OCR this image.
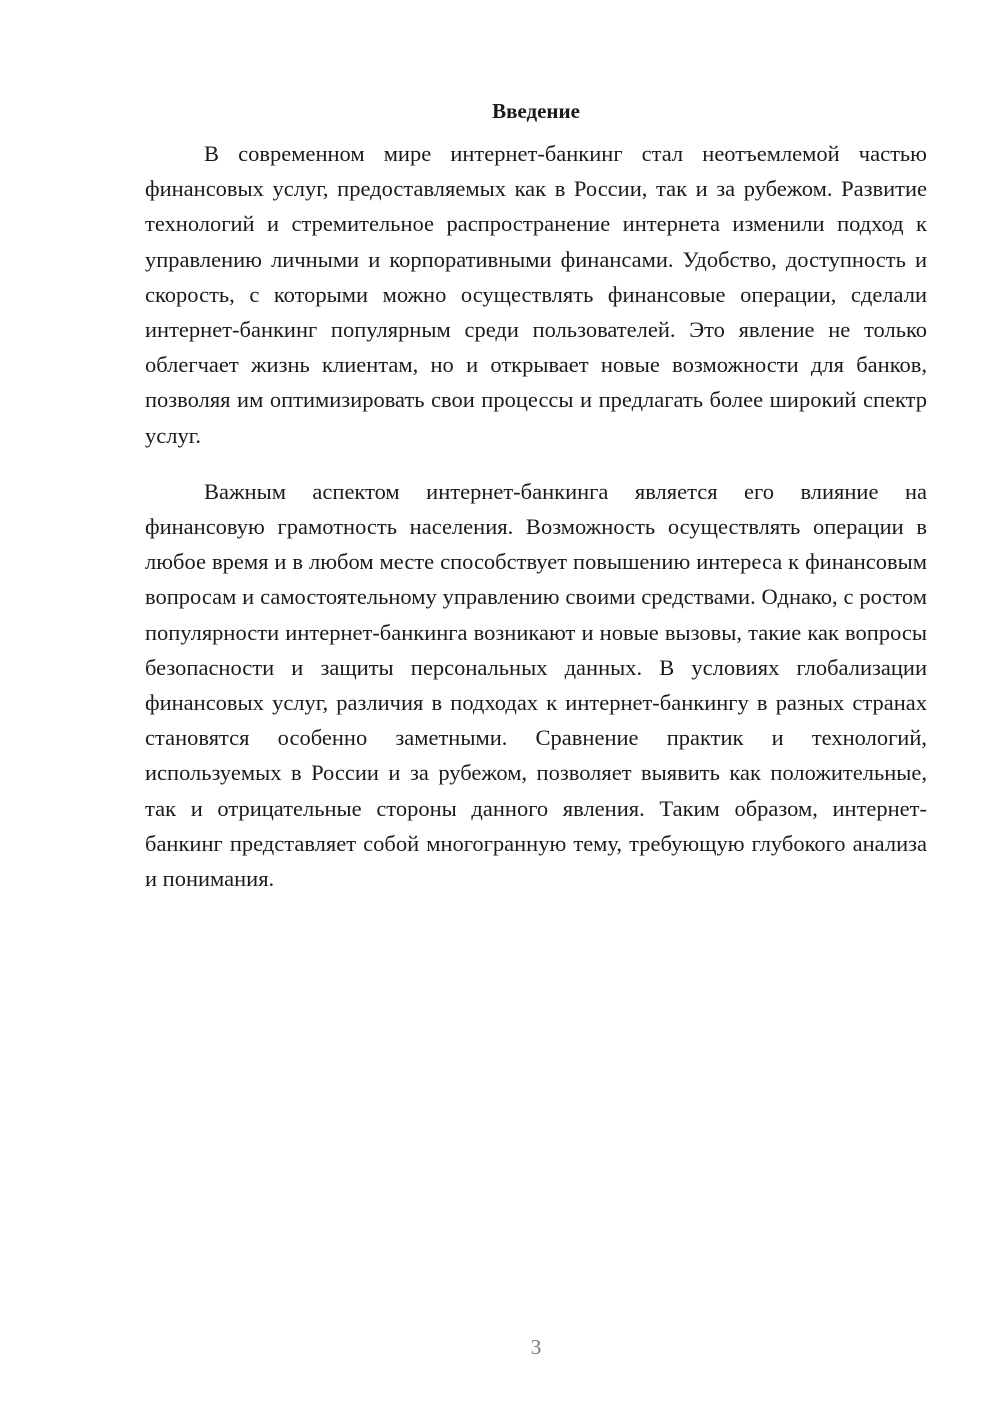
Введение

В современном мире интернет-банкинг стал неотъемлемой частью финансовых услуг, предоставляемых как в России, так и за рубежом. Развитие технологий и стремительное распространение интернета изменили подход к управлению личными и корпоративными финансами. Удобство, доступность и скорость, с которыми можно осуществлять финансовые операции, сделали интернет-банкинг популярным среди пользователей. Это явление не только облегчает жизнь клиентам, но и открывает новые возможности для банков, позволяя им оптимизировать свои процессы и предлагать более широкий спектр услуг.

Важным аспектом интернет-банкинга является его влияние на финансовую грамотность населения. Возможность осуществлять операции в любое время и в любом месте способствует повышению интереса к финансовым вопросам и самостоятельному управлению своими средствами. Однако, с ростом популярности интернет-банкинга возникают и новые вызовы, такие как вопросы безопасности и защиты персональных данных. В условиях глобализации финансовых услуг, различия в подходах к интернет-банкингу в разных странах становятся особенно заметными. Сравнение практик и технологий, используемых в России и за рубежом, позволяет выявить как положительные, так и отрицательные стороны данного явления. Таким образом, интернет-банкинг представляет собой многогранную тему, требующую глубокого анализа и понимания.

3
